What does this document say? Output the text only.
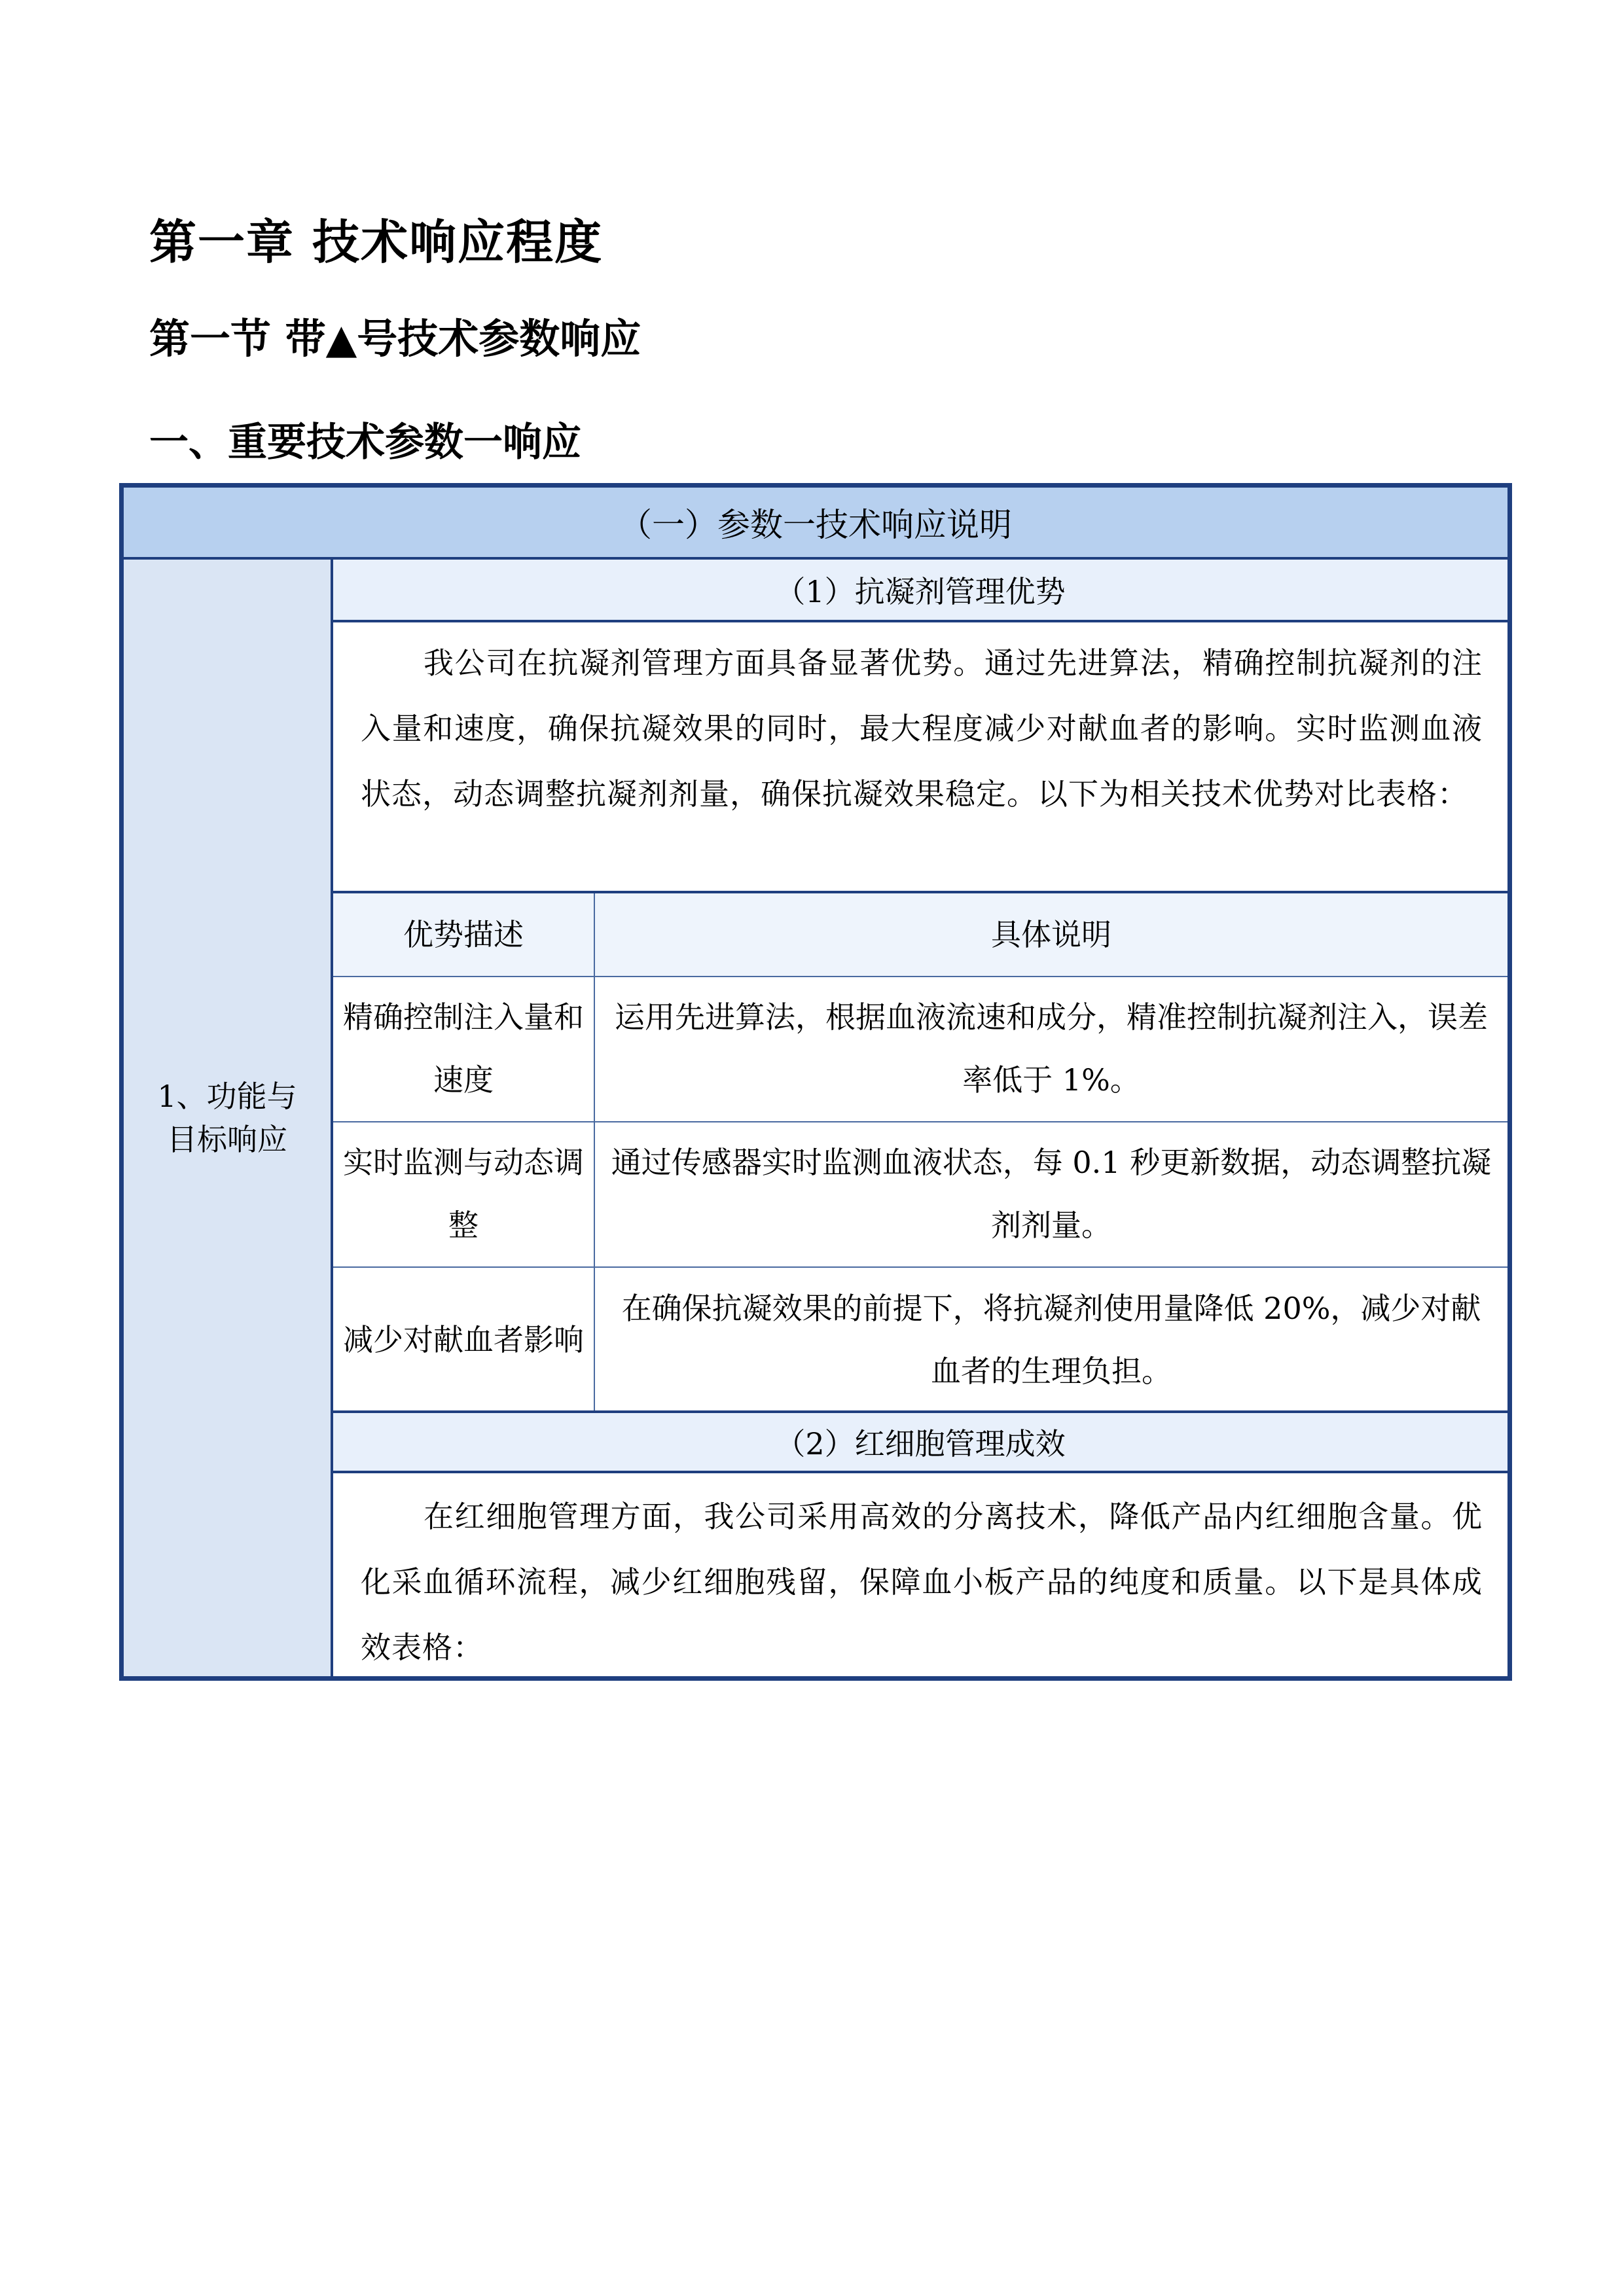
第一章 技术响应程度
第一节 带▲号技术参数响应
一、重要技术参数一响应
（一）参数一技术响应说明
1、功能与
目标响应
（1）抗凝剂管理优势
我公司在抗凝剂管理方面具备显著优势。通过先进算法，精确控制抗凝剂的注入量和速度，确保抗凝效果的同时，最大程度减少对献血者的影响。实时监测血液状态，动态调整抗凝剂剂量，确保抗凝效果稳定。以下为相关技术优势对比表格：
优势描述	具体说明
精确控制注入量和速度
运用先进算法，根据血液流速和成分，精准控制抗凝剂注入，误差率低于 1%。
实时监测与动态调整
通过传感器实时监测血液状态，每 0.1 秒更新数据，动态调整抗凝剂剂量。
减少对献血者影响
在确保抗凝效果的前提下，将抗凝剂使用量降低 20%，减少对献血者的生理负担。
（2）红细胞管理成效
在红细胞管理方面，我公司采用高效的分离技术，降低产品内红细胞含量。优化采血循环流程，减少红细胞残留，保障血小板产品的纯度和质量。以下是具体成效表格：
